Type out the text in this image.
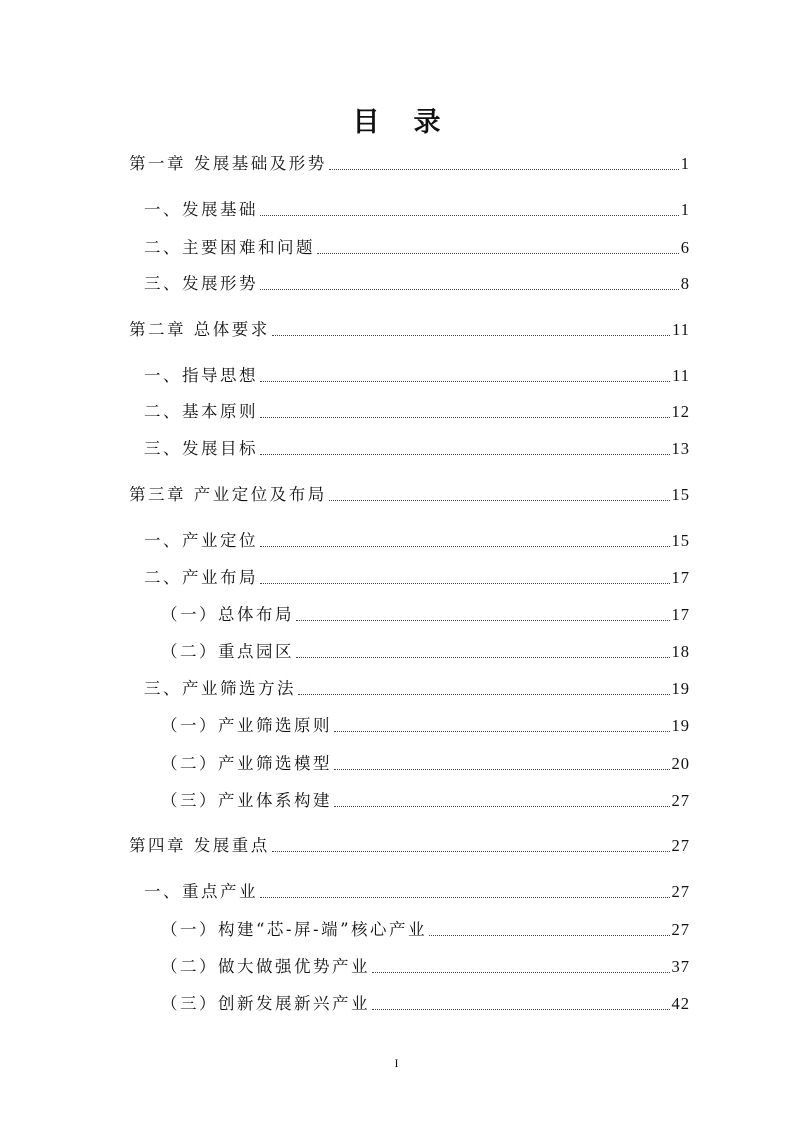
目录
第一章 发展基础及形势	1
一、发展基础	1
二、主要困难和问题	6
三、发展形势	8
第二章 总体要求	11
一、指导思想	11
二、基本原则	12
三、发展目标	13
第三章 产业定位及布局	15
一、产业定位	15
二、产业布局	17
（一）总体布局	17
（二）重点园区	18
三、产业筛选方法	19
（一）产业筛选原则	19
（二）产业筛选模型	20
（三）产业体系构建	27
第四章 发展重点	27
一、重点产业	27
（一）构建“芯-屏-端”核心产业	27
（二）做大做强优势产业	37
（三）创新发展新兴产业	42
I
